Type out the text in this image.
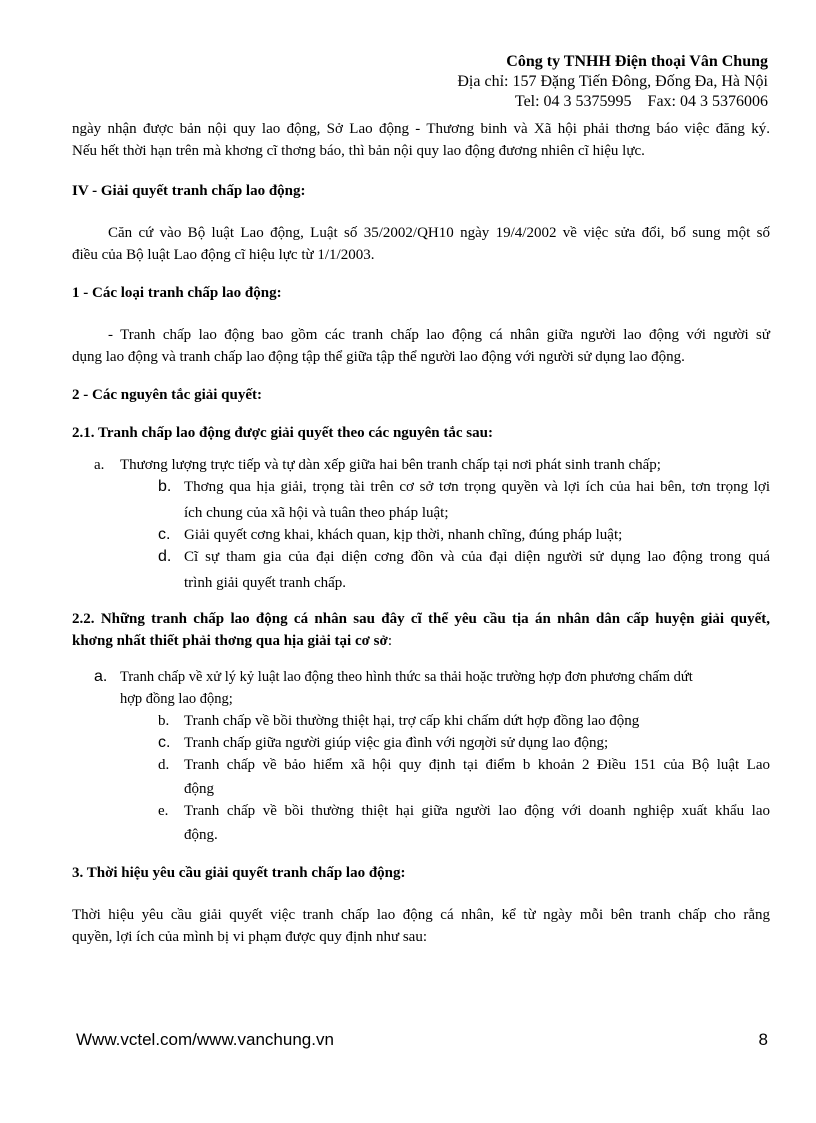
Công ty TNHH Điện thoại Vân Chung
Địa chỉ: 157 Đặng Tiến Đông, Đống Đa, Hà Nội
Tel: 04 3 5375995    Fax: 04 3 5376006

ngày nhận được bản nội quy lao động, Sở Lao động - Thương binh và Xã hội phải thơng báo việc đăng ký.

Nếu hết thời hạn trên mà khơng cĩ thơng báo, thì bản nội quy lao động đương nhiên cĩ hiệu lực.

IV - Giải quyết tranh chấp lao động:

Căn cứ vào Bộ luật Lao động, Luật số 35/2002/QH10 ngày 19/4/2002 về việc sửa đổi, bổ sung một số

điều của Bộ luật Lao động cĩ hiệu lực từ 1/1/2003.

1 - Các loại tranh chấp lao động:

- Tranh chấp lao động bao gồm các tranh chấp lao động cá nhân giữa người lao động với người sử

dụng lao động và tranh chấp lao động tập thể giữa tập thể người lao động với người sử dụng lao động.

2 - Các nguyên tắc giải quyết:

2.1. Tranh chấp lao động được giải quyết theo các nguyên tắc sau:

a. Thương lượng trực tiếp và tự dàn xếp giữa hai bên tranh chấp tại nơi phát sinh tranh chấp;

b. Thơng qua hịa giải, trọng tài trên cơ sở tơn trọng quyền và lợi ích của hai bên, tơn trọng lợi

ích chung của xã hội và tuân theo pháp luật;

c. Giải quyết cơng khai, khách quan, kịp thời, nhanh chĩng, đúng pháp luật;

d. Cĩ sự tham gia của đại diện cơng đồn và của đại diện người sử dụng lao động trong quá

trình giải quyết tranh chấp.

2.2. Những tranh chấp lao động cá nhân sau đây cĩ thể yêu cầu tịa án nhân dân cấp huyện giải quyết,

khơng nhất thiết phải thơng qua hịa giải tại cơ sở:

a. Tranh chấp về xử lý kỷ luật lao động theo hình thức sa thải hoặc trường hợp đơn phương chấm dứt

hợp đồng lao động;

b. Tranh chấp về bồi thường thiệt hại, trợ cấp khi chấm dứt hợp đồng lao động

c. Tranh chấp giữa người giúp việc gia đình với ngƣời sử dụng lao động;

d. Tranh chấp về bảo hiểm xã hội quy định tại điểm b khoản 2 Điều 151 của Bộ luật Lao

động

e. Tranh chấp về bồi thường thiệt hại giữa người lao động với doanh nghiệp xuất khẩu lao

động.

3. Thời hiệu yêu cầu giải quyết tranh chấp lao động:

Thời hiệu yêu cầu giải quyết việc tranh chấp lao động cá nhân, kể từ ngày mỗi bên tranh chấp cho rằng

quyền, lợi ích của mình bị vi phạm được quy định như sau:

Www.vctel.com/www.vanchung.vn	8
